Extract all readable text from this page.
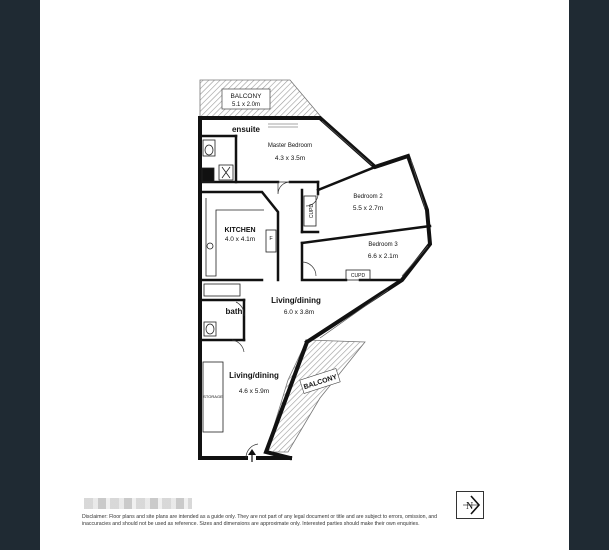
BALCONY
5.1 x 2.0m
ensuite
Master Bedroom
4.3 x 3.5m
Bedroom 2
5.5 x 2.7m
Bedroom 3
6.6 x 2.1m
KITCHEN
4.0 x 4.1m	F
Living/dining
6.0 x 3.8m
bath
Living/dining
4.6 x 5.9m
STORAGE
BALCONY
CUPD
CUPD
Disclaimer: Floor plans and site plans are intended as a guide only. They are not part of any legal document or title and are subject to errors, omission, and inaccuracies and should not be used as reference. Sizes and dimensions are approximate only. Interested parties should make their own enquiries.
N
